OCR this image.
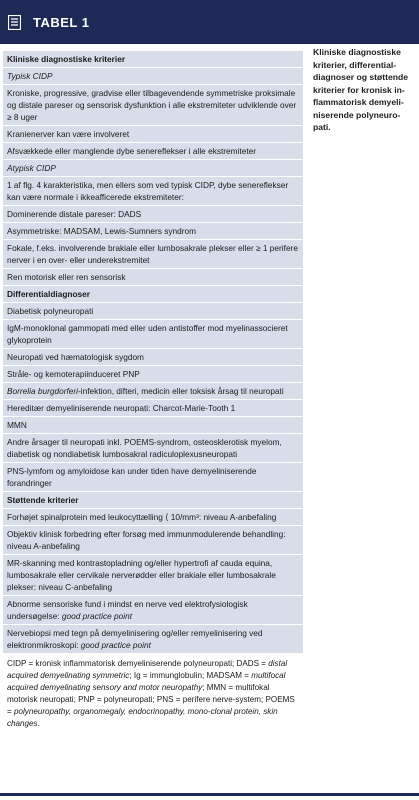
TABEL 1
Kliniske diagnostiske kriterier
Typisk CIDP
Kroniske, progressive, gradvise eller tilbagevendende symmetriske proksimale og distale pareser og sensorisk dysfunktion i alle ekstremiteter udviklende over ≥ 8 uger
Kranienerver kan være involveret
Afsvækkede eller manglende dybe senereflekser i alle ekstremiteter
Atypisk CIDP
1 af flg. 4 karakteristika, men ellers som ved typisk CIDP, dybe senereflekser kan være normale i ikkeafficerede ekstremiteter:
Dominerende distale pareser: DADS
Asymmetriske: MADSAM, Lewis-Sumners syndrom
Fokale, f.eks. involverende brakiale eller lumbosakrale plekser eller ≥ 1 perifere nerver i en over- eller underekstremitet
Ren motorisk eller ren sensorisk
Differentialdiagnoser
Diabetisk polyneuropati
IgM-monoklonal gammopati med eller uden antistoffer mod myelinassocieret glykoprotein
Neuropati ved hæmatologisk sygdom
Stråle- og kemoterapiinduceret PNP
Borrelia burgdorferi-infektion, difteri, medicin eller toksisk årsag til neuropati
Hereditær demyeliniserende neuropati: Charcot-Marie-Tooth 1
MMN
Andre årsager til neuropati inkl. POEMS-syndrom, osteosklerotisk myelom, diabetisk og nondiabetisk lumbosakral radiculoplexusneuropati
PNS-lymfom og amyloidose kan under tiden have demyeliniserende forandringer
Støttende kriterier
Forhøjet spinalprotein med leukocyttælling ⟨ 10/mm³: niveau A-anbefaling
Objektiv klinisk forbedring efter forsøg med immunmodulerende behandling: niveau A-anbefaling
MR-skanning med kontrastopladning og/eller hypertrofi af cauda equina, lumbosakrale eller cervikale nerverødder eller brakiale eller lumbosakrale plekser: niveau C-anbefaling
Abnorme sensoriske fund i mindst en nerve ved elektrofysiologisk undersøgelse: good practice point
Nervebiopsi med tegn på demyelinisering og/eller remyelinisering ved elektronmikroskopi: good practice point
CIDP = kronisk inflammatorisk demyeliniserende polyneuropati; DADS = distal acquired demyelinating symmetric; Ig = immunglobulin; MADSAM = multifocal acquired demyelinating sensory and motor neuropathy; MMN = multifokal motorisk neuropati; PNP = polyneuropati; PNS = perifere nerve-system; POEMS = polyneuropathy, organomegaly, endocrinopathy, mono-clonal protein, skin changes.
Kliniske diagnostiske kriterier, differential-diagnoser og støttende kriterier for kronisk in-flammatorisk demyeli-niserende polyneuro-pati.
